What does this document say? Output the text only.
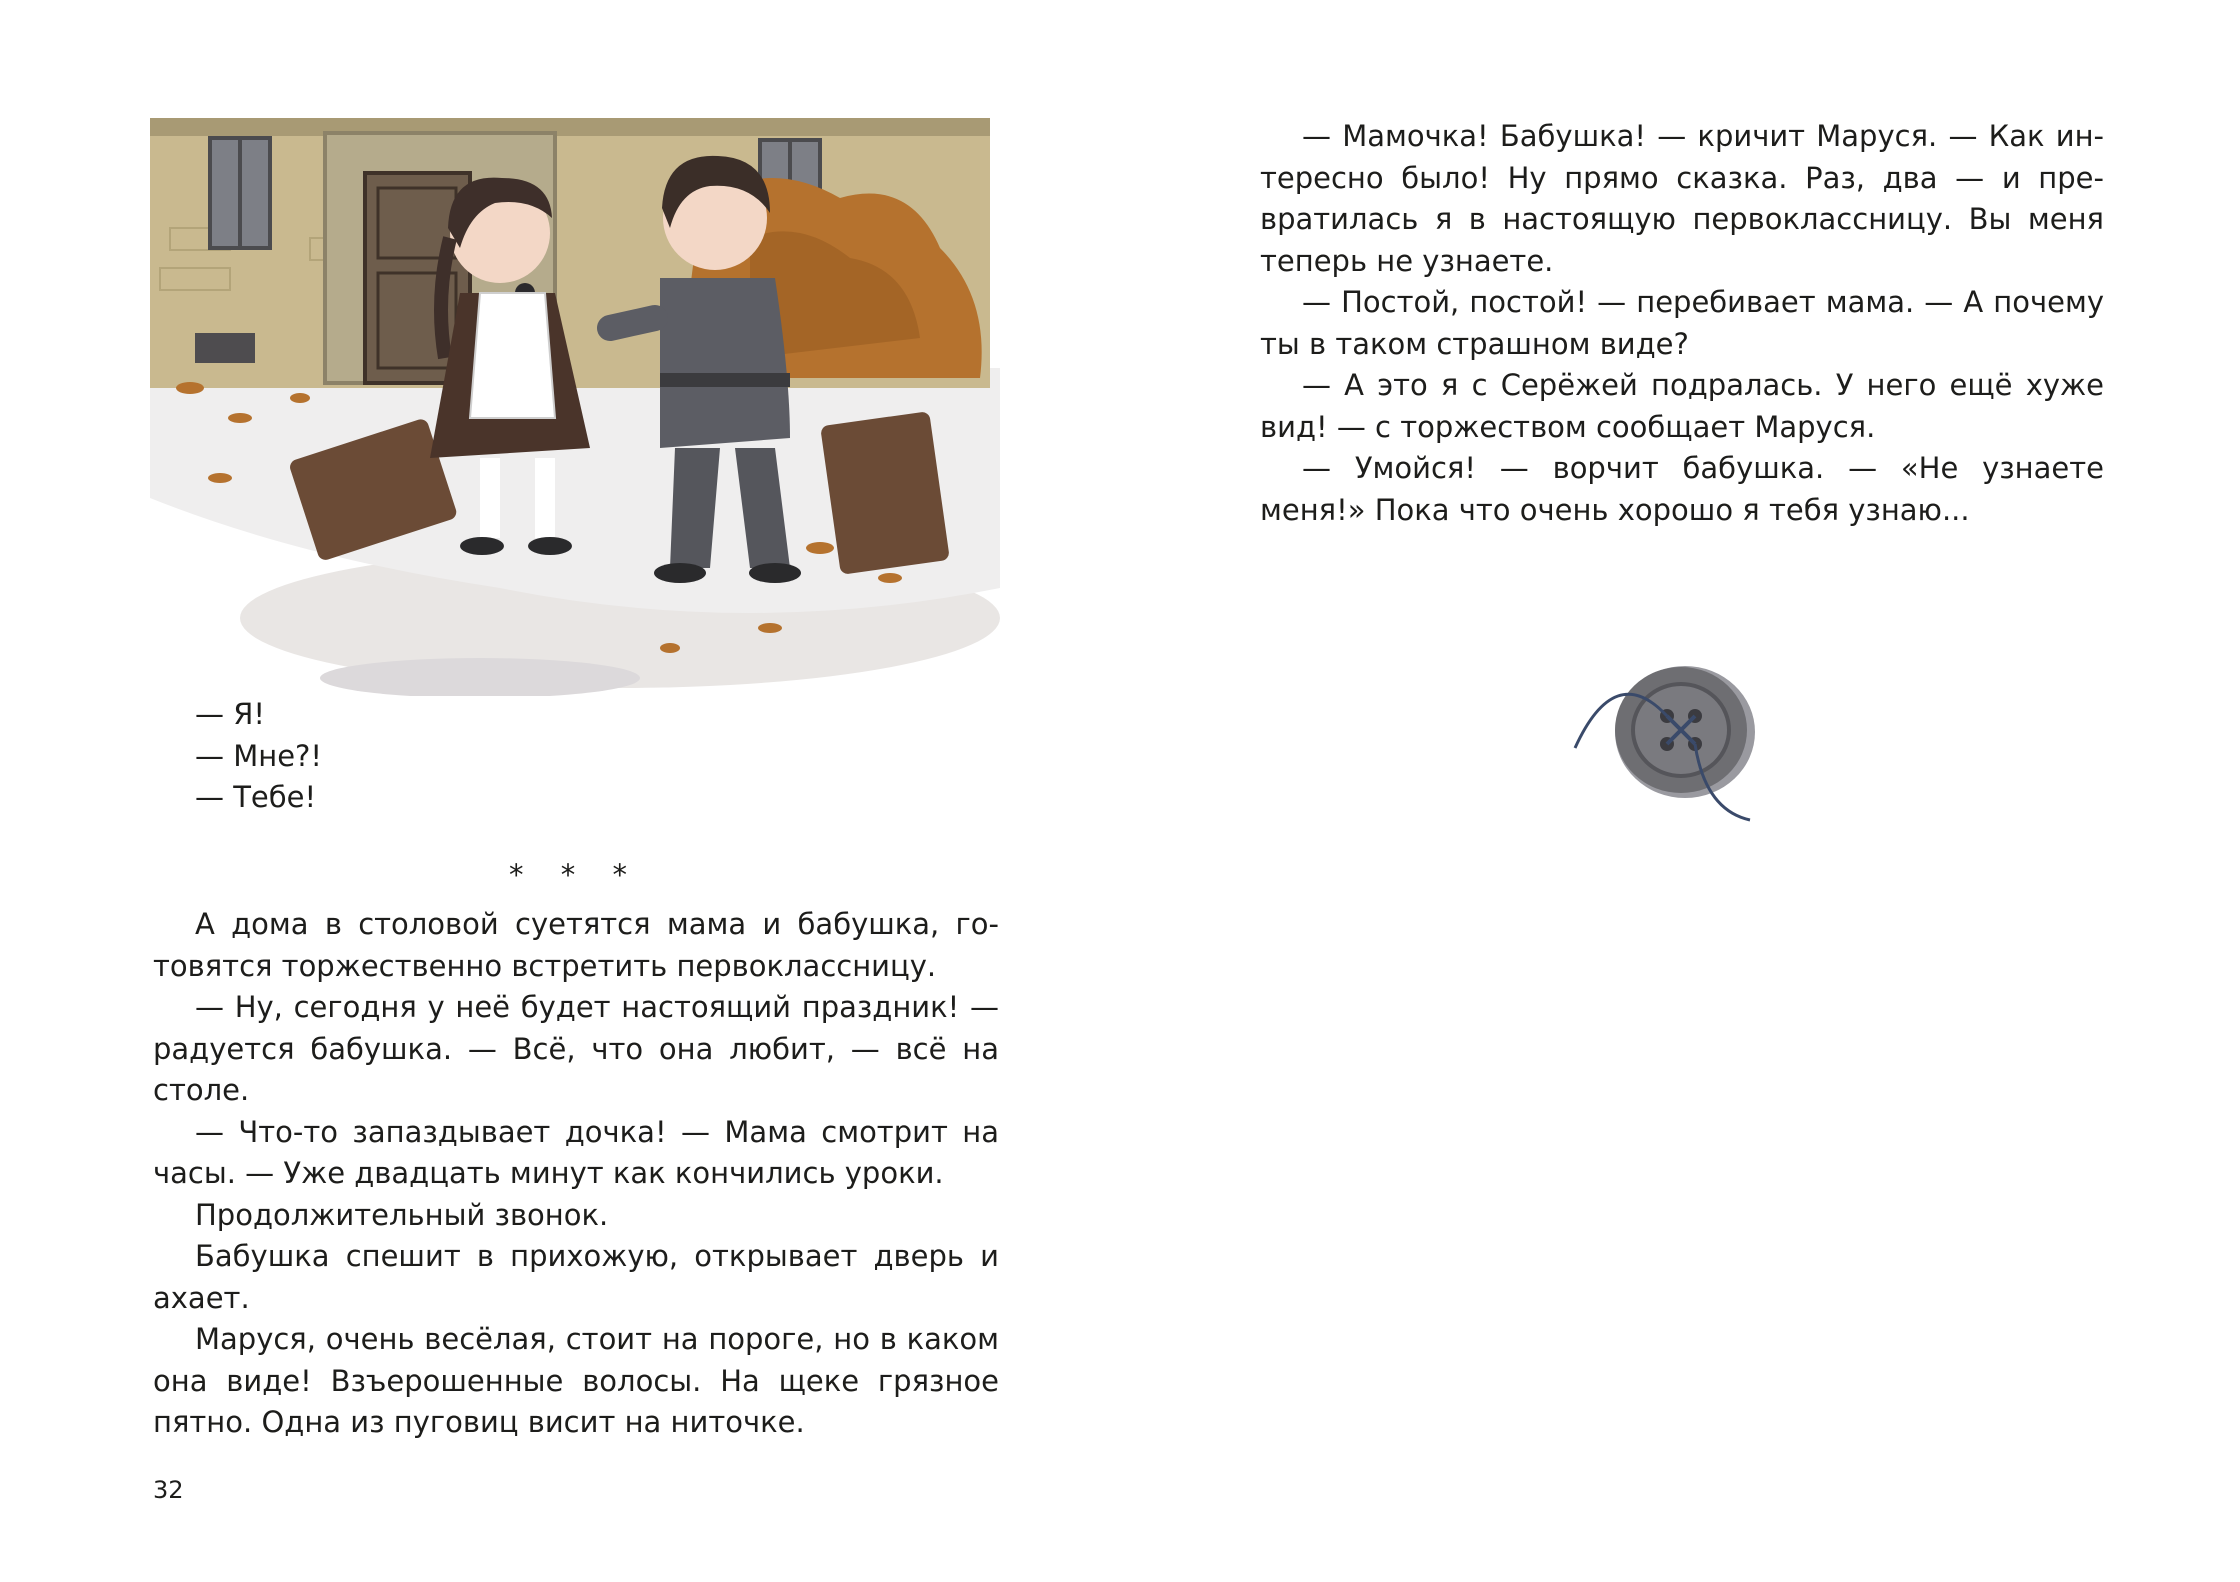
— Я!

— Мне?!

— Тебе!

* * *

А дома в столовой суетятся мама и бабушка, готовятся торжественно встретить первоклассницу.

— Ну, сегодня у неё будет настоящий праздник! — радуется бабушка. — Всё, что она любит, — всё на столе.

— Что-то запаздывает дочка! — Мама смотрит на часы. — Уже двадцать минут как кончились уроки.

Продолжительный звонок.

Бабушка спешит в прихожую, открывает дверь и ахает.

Маруся, очень весёлая, стоит на пороге, но в каком она виде! Взъерошенные волосы. На щеке грязное пятно. Одна из пуговиц висит на ниточке.

32

— Мамочка! Бабушка! — кричит Маруся. — Как интересно было! Ну прямо сказка. Раз, два — и превратилась я в настоящую первоклассницу. Вы меня теперь не узнаете.

— Постой, постой! — перебивает мама. — А почему ты в таком страшном виде?

— А это я с Серёжей подралась. У него ещё хуже вид! — с торжеством сообщает Маруся.

— Умойся! — ворчит бабушка. — «Не узнаете меня!» Пока что очень хорошо я тебя узнаю...
